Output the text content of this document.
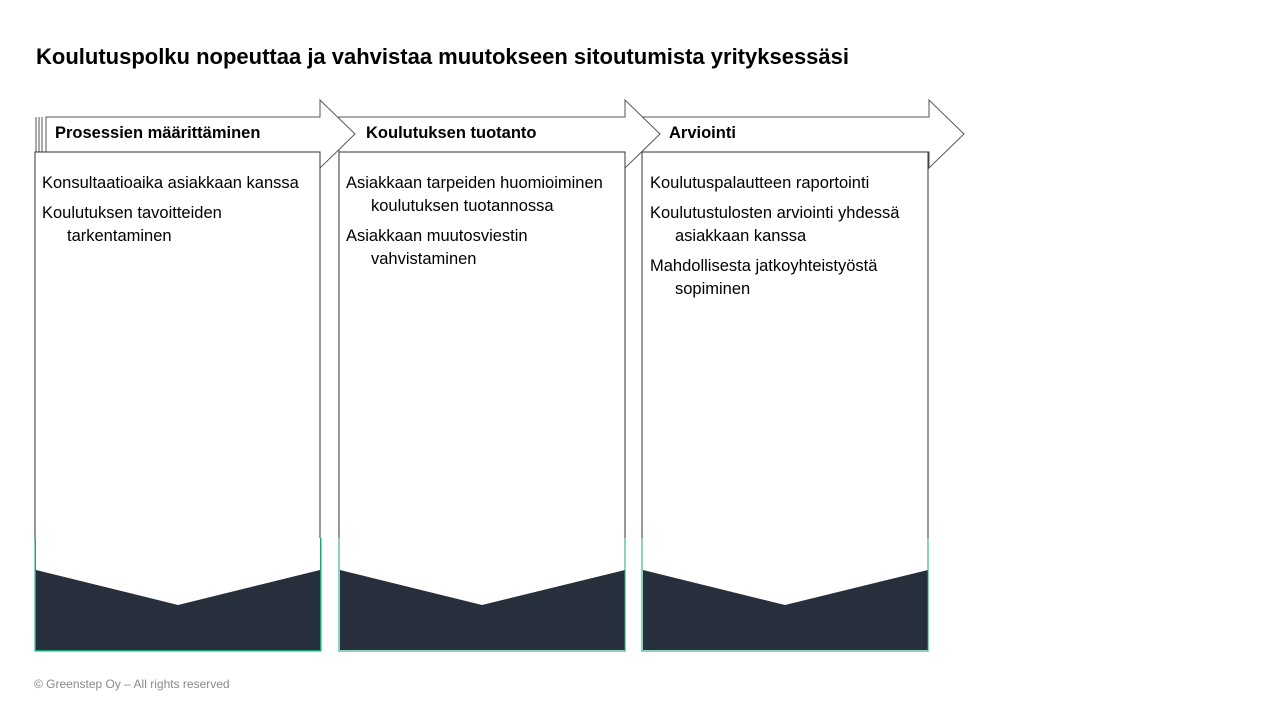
Koulutuspolku nopeuttaa ja vahvistaa muutokseen sitoutumista yrityksessäsi
Prosessien määrittäminen	Koulutuksen tuotanto	Arviointi
Konsultaatioaika asiakkaan kanssa
Koulutuksen tavoitteiden tarkentaminen
Asiakkaan tarpeiden huomioiminen koulutuksen tuotannossa
Asiakkaan muutosviestin vahvistaminen
Koulutuspalautteen raportointi
Koulutustulosten arviointi yhdessä asiakkaan kanssa
Mahdollisesta jatkoyhteistyöstä sopiminen
© Greenstep Oy – All rights reserved
